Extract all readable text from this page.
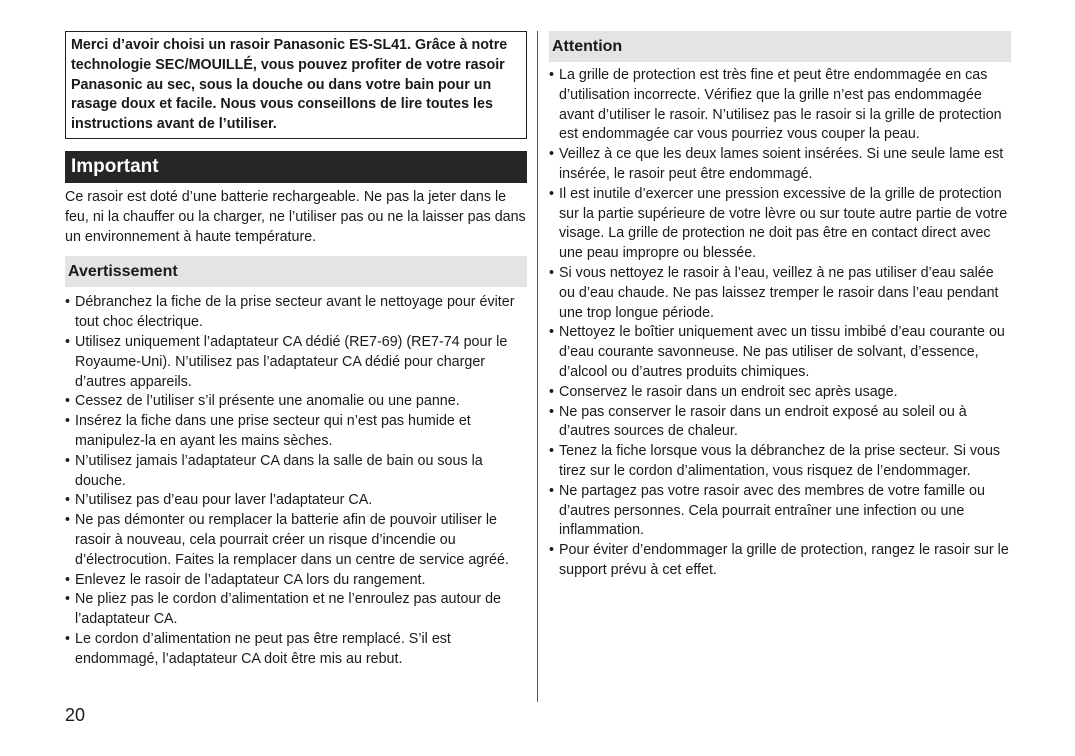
Merci d’avoir choisi un rasoir Panasonic ES-SL41. Grâce à notre technologie SEC/MOUILLÉ, vous pouvez profiter de votre rasoir Panasonic au sec, sous la douche ou dans votre bain pour un rasage doux et facile. Nous vous conseillons de lire toutes les instructions avant de l’utiliser.
Important
Ce rasoir est doté d’une batterie rechargeable. Ne pas la jeter dans le feu, ni la chauffer ou la charger, ne l’utiliser pas ou ne la laisser pas dans un environnement à haute température.
Avertissement
• Débranchez la fiche de la prise secteur avant le nettoyage pour éviter tout choc électrique.
• Utilisez uniquement l’adaptateur CA dédié (RE7-69) (RE7-74 pour le Royaume-Uni). N’utilisez pas l’adaptateur CA dédié pour charger d’autres appareils.
• Cessez de l’utiliser s’il présente une anomalie ou une panne.
• Insérez la fiche dans une prise secteur qui n’est pas humide et manipulez-la en ayant les mains sèches.
• N’utilisez jamais l’adaptateur CA dans la salle de bain ou sous la douche.
• N’utilisez pas d’eau pour laver l’adaptateur CA.
• Ne pas démonter ou remplacer la batterie afin de pouvoir utiliser le rasoir à nouveau, cela pourrait créer un risque d’incendie ou d’électrocution. Faites la remplacer dans un centre de service agréé.
• Enlevez le rasoir de l’adaptateur CA lors du rangement.
• Ne pliez pas le cordon d’alimentation et ne l’enroulez pas autour de l’adaptateur CA.
• Le cordon d’alimentation ne peut pas être remplacé. S’il est endommagé, l’adaptateur CA doit être mis au rebut.
Attention
• La grille de protection est très fine et peut être endommagée en cas d’utilisation incorrecte. Vérifiez que la grille n’est pas endommagée avant d’utiliser le rasoir. N’utilisez pas le rasoir si la grille de protection est endommagée car vous pourriez vous couper la peau.
• Veillez à ce que les deux lames soient insérées. Si une seule lame est insérée, le rasoir peut être endommagé.
• Il est inutile d’exercer une pression excessive de la grille de protection sur la partie supérieure de votre lèvre ou sur toute autre partie de votre visage. La grille de protection ne doit pas être en contact direct avec une peau impropre ou blessée.
• Si vous nettoyez le rasoir à l’eau, veillez à ne pas utiliser d’eau salée ou d’eau chaude. Ne pas laissez tremper le rasoir dans l’eau pendant une trop longue période.
• Nettoyez le boîtier uniquement avec un tissu imbibé d’eau courante ou d’eau courante savonneuse. Ne pas utiliser de solvant, d’essence, d’alcool ou d’autres produits chimiques.
• Conservez le rasoir dans un endroit sec après usage.
• Ne pas conserver le rasoir dans un endroit exposé au soleil ou à d’autres sources de chaleur.
• Tenez la fiche lorsque vous la débranchez de la prise secteur. Si vous tirez sur le cordon d’alimentation, vous risquez de l’endommager.
• Ne partagez pas votre rasoir avec des membres de votre famille ou d’autres personnes. Cela pourrait entraîner une infection ou une inflammation.
• Pour éviter d’endommager la grille de protection, rangez le rasoir sur le support prévu à cet effet.
20
